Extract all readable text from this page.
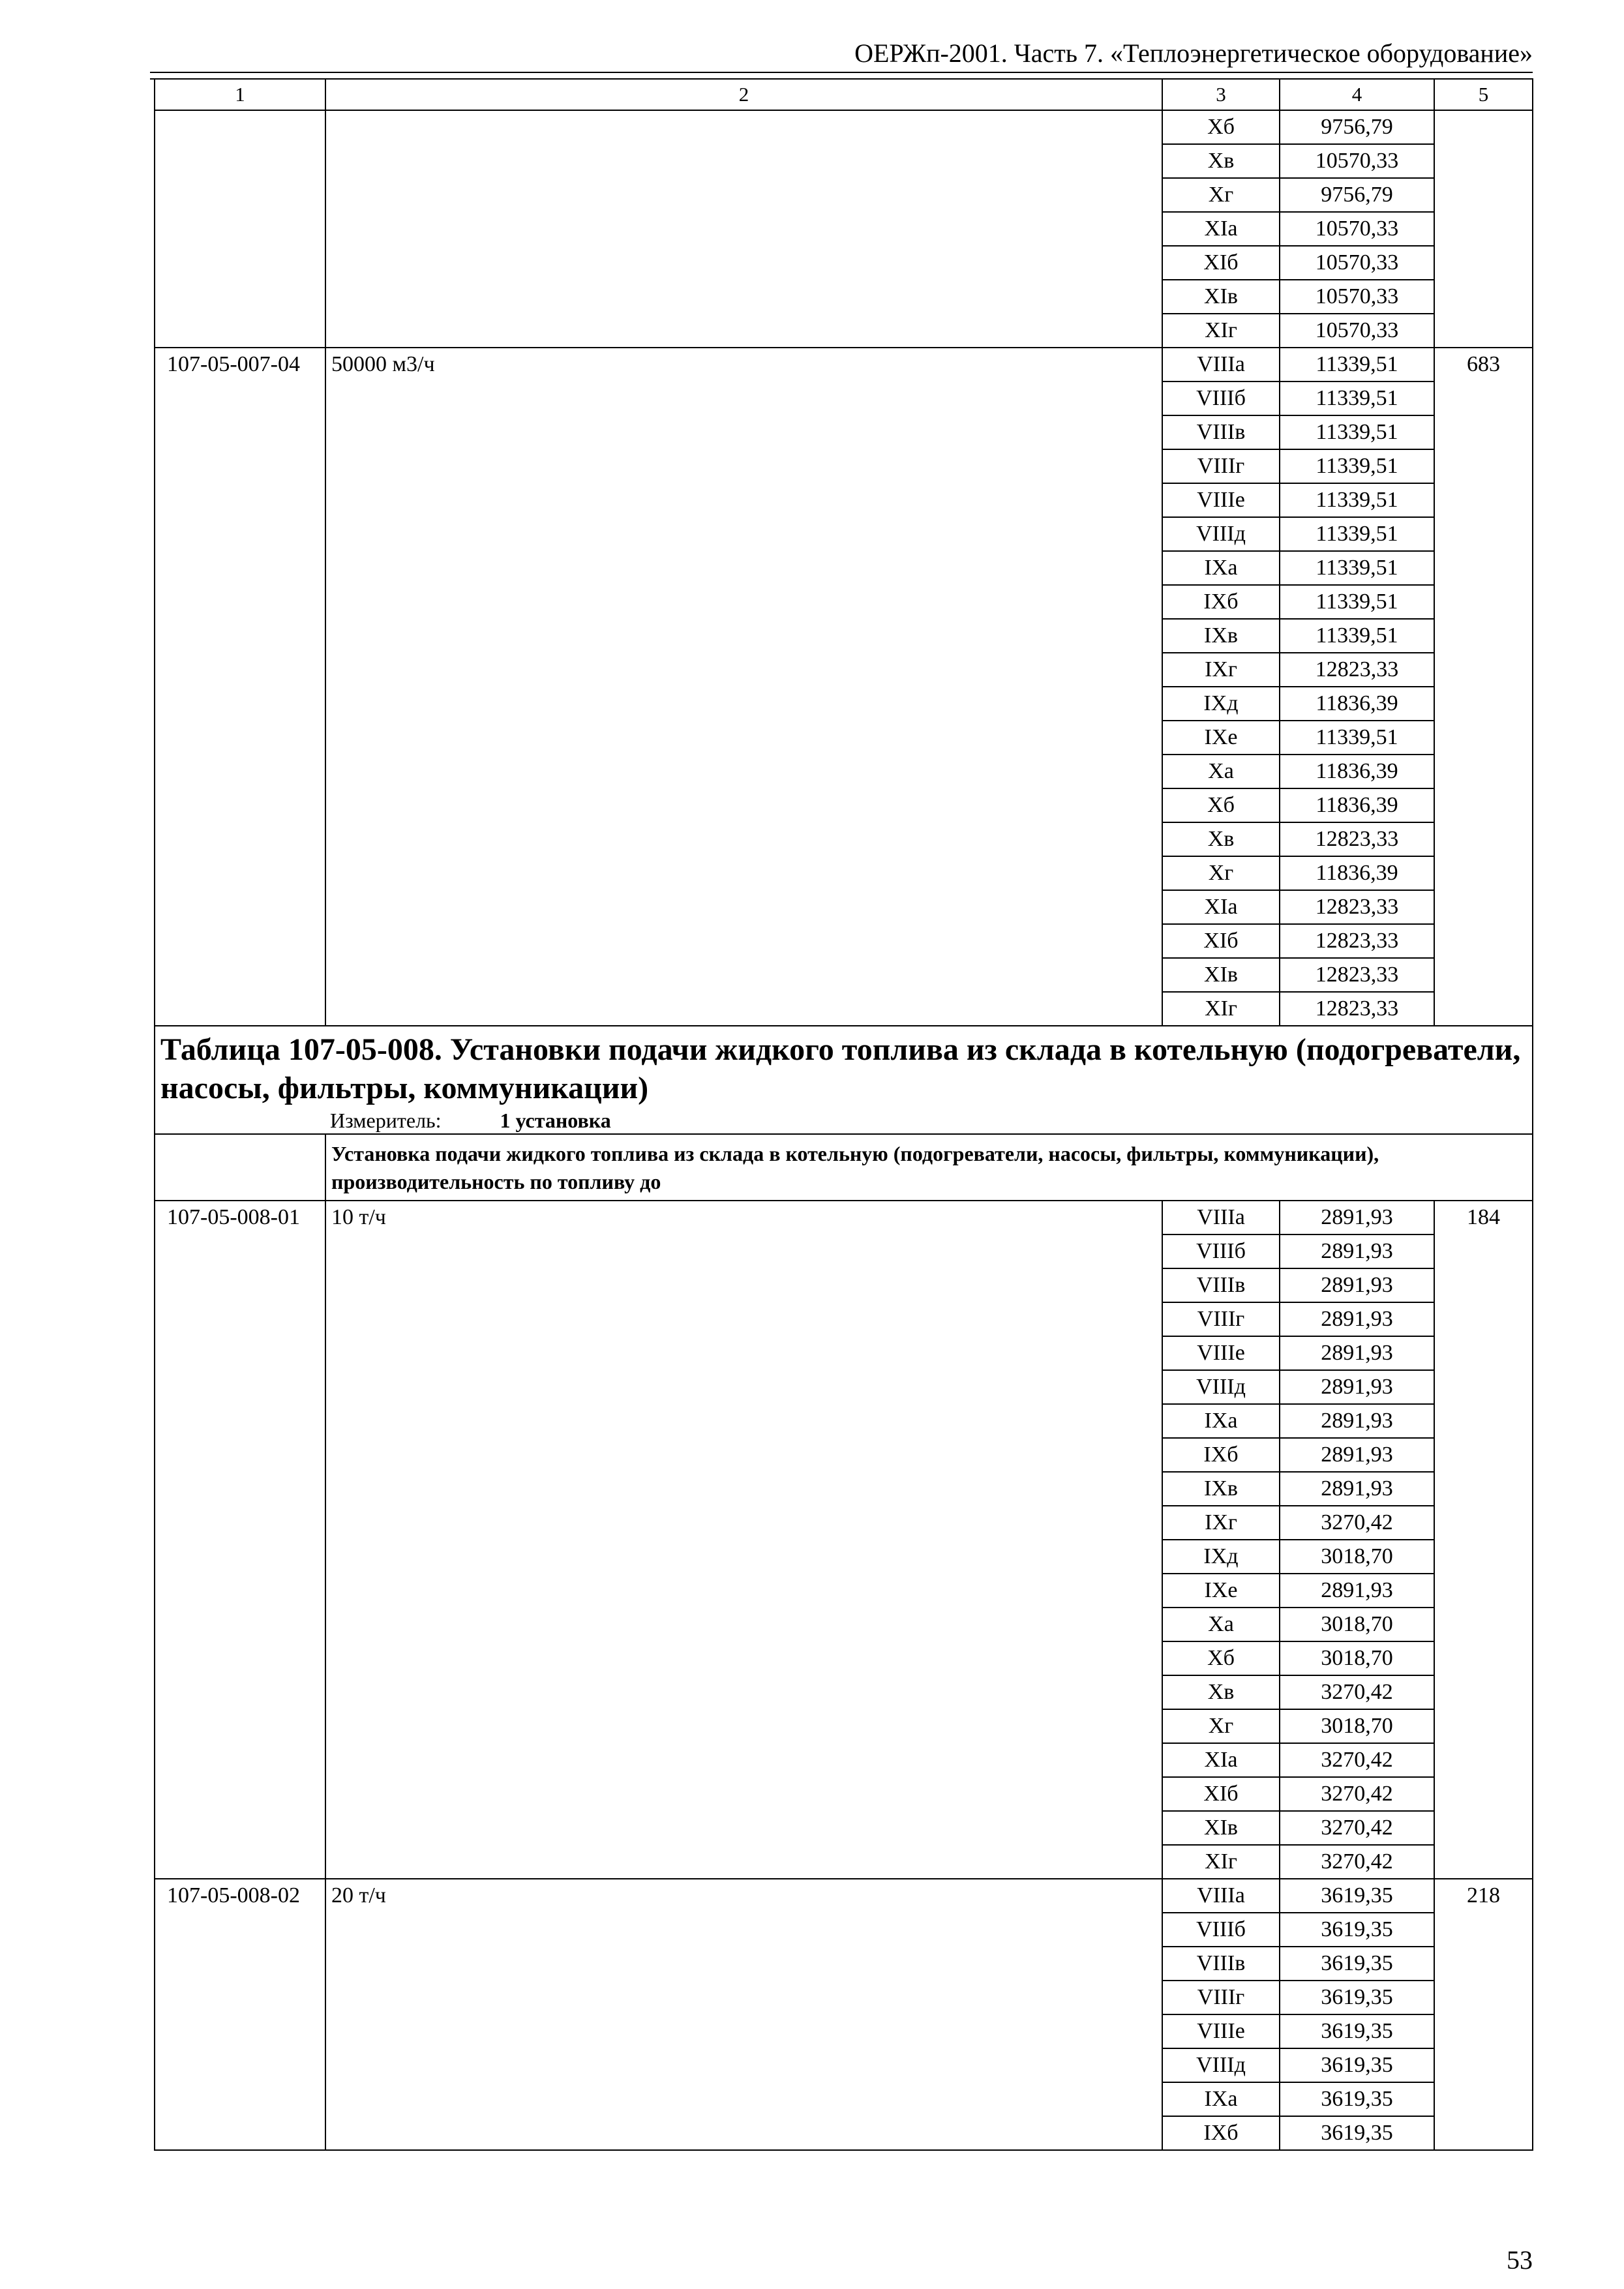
ОЕРЖп-2001. Часть 7. «Теплоэнергетическое оборудование»
1	2	3	4	5
		Xб	9756,79	
		Xв	10570,33	
		Xг	9756,79	
		XIа	10570,33	
		XIб	10570,33	
		XIв	10570,33	
		XIг	10570,33	
107-05-007-04	50000 м3/ч	VIIIа	11339,51	683
		VIIIб	11339,51	
		VIIIв	11339,51	
		VIIIг	11339,51	
		VIIIе	11339,51	
		VIIIд	11339,51	
		IXа	11339,51	
		IXб	11339,51	
		IXв	11339,51	
		IXг	12823,33	
		IXд	11836,39	
		IXе	11339,51	
		Xа	11836,39	
		Xб	11836,39	
		Xв	12823,33	
		Xг	11836,39	
		XIа	12823,33	
		XIб	12823,33	
		XIв	12823,33	
		XIг	12823,33	

Таблица 107-05-008. Установки подачи жидкого топлива из склада в котельную (подогреватели, насосы, фильтры, коммуникации)
Измеритель: 1 установка				

	Установка подачи жидкого топлива из склада в котельную (подогреватели, насосы, фильтры, коммуникации), производительность по топливу до			
107-05-008-01	10 т/ч	VIIIа	2891,93	184
		VIIIб	2891,93	
		VIIIв	2891,93	
		VIIIг	2891,93	
		VIIIе	2891,93	
		VIIIд	2891,93	
		IXа	2891,93	
		IXб	2891,93	
		IXв	2891,93	
		IXг	3270,42	
		IXд	3018,70	
		IXе	2891,93	
		Xа	3018,70	
		Xб	3018,70	
		Xв	3270,42	
		Xг	3018,70	
		XIа	3270,42	
		XIб	3270,42	
		XIв	3270,42	
		XIг	3270,42	
107-05-008-02	20 т/ч	VIIIа	3619,35	218
		VIIIб	3619,35	
		VIIIв	3619,35	
		VIIIг	3619,35	
		VIIIе	3619,35	
		VIIIд	3619,35	
		IXа	3619,35	
		IXб	3619,35	
53
